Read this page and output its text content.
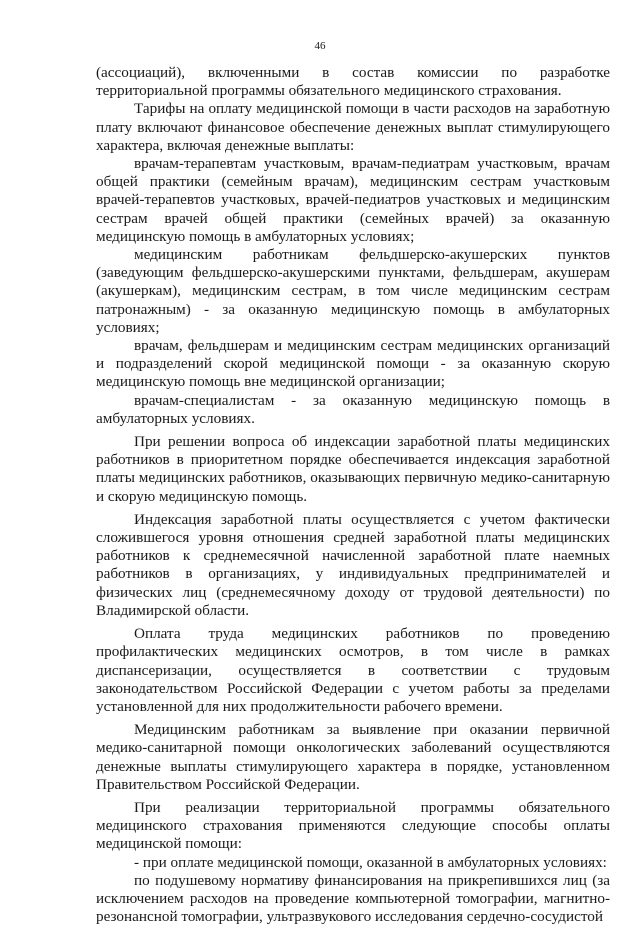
46

(ассоциаций), включенными в состав комиссии по разработке территориальной программы обязательного медицинского страхования.

Тарифы на оплату медицинской помощи в части расходов на заработную плату включают финансовое обеспечение денежных выплат стимулирующего характера, включая денежные выплаты:

врачам-терапевтам участковым, врачам-педиатрам участковым, врачам общей практики (семейным врачам), медицинским сестрам участковым врачей-терапевтов участковых, врачей-педиатров участковых и медицинским сестрам врачей общей практики (семейных врачей) за оказанную медицинскую помощь в амбулаторных условиях;

медицинским работникам фельдшерско-акушерских пунктов (заведующим фельдшерско-акушерскими пунктами, фельдшерам, акушерам (акушеркам), медицинским сестрам, в том числе медицинским сестрам патронажным) - за оказанную медицинскую помощь в амбулаторных условиях;

врачам, фельдшерам и медицинским сестрам медицинских организаций и подразделений скорой медицинской помощи - за оказанную скорую медицинскую помощь вне медицинской организации;

врачам-специалистам - за оказанную медицинскую помощь в амбулаторных условиях.

При решении вопроса об индексации заработной платы медицинских работников в приоритетном порядке обеспечивается индексация заработной платы медицинских работников, оказывающих первичную медико-санитарную и скорую медицинскую помощь.

Индексация заработной платы осуществляется с учетом фактически сложившегося уровня отношения средней заработной платы медицинских работников к среднемесячной начисленной заработной плате наемных работников в организациях, у индивидуальных предпринимателей и физических лиц (среднемесячному доходу от трудовой деятельности) по Владимирской области.

Оплата труда медицинских работников по проведению профилактических медицинских осмотров, в том числе в рамках диспансеризации, осуществляется в соответствии с трудовым законодательством Российской Федерации с учетом работы за пределами установленной для них продолжительности рабочего времени.

Медицинским работникам за выявление при оказании первичной медико-санитарной помощи онкологических заболеваний осуществляются денежные выплаты стимулирующего характера в порядке, установленном Правительством Российской Федерации.

При реализации территориальной программы обязательного медицинского страхования применяются следующие способы оплаты медицинской помощи:

- при оплате медицинской помощи, оказанной в амбулаторных условиях:

по подушевому нормативу финансирования на прикрепившихся лиц (за исключением расходов на проведение компьютерной томографии, магнитно-резонансной томографии, ультразвукового исследования сердечно-сосудистой
